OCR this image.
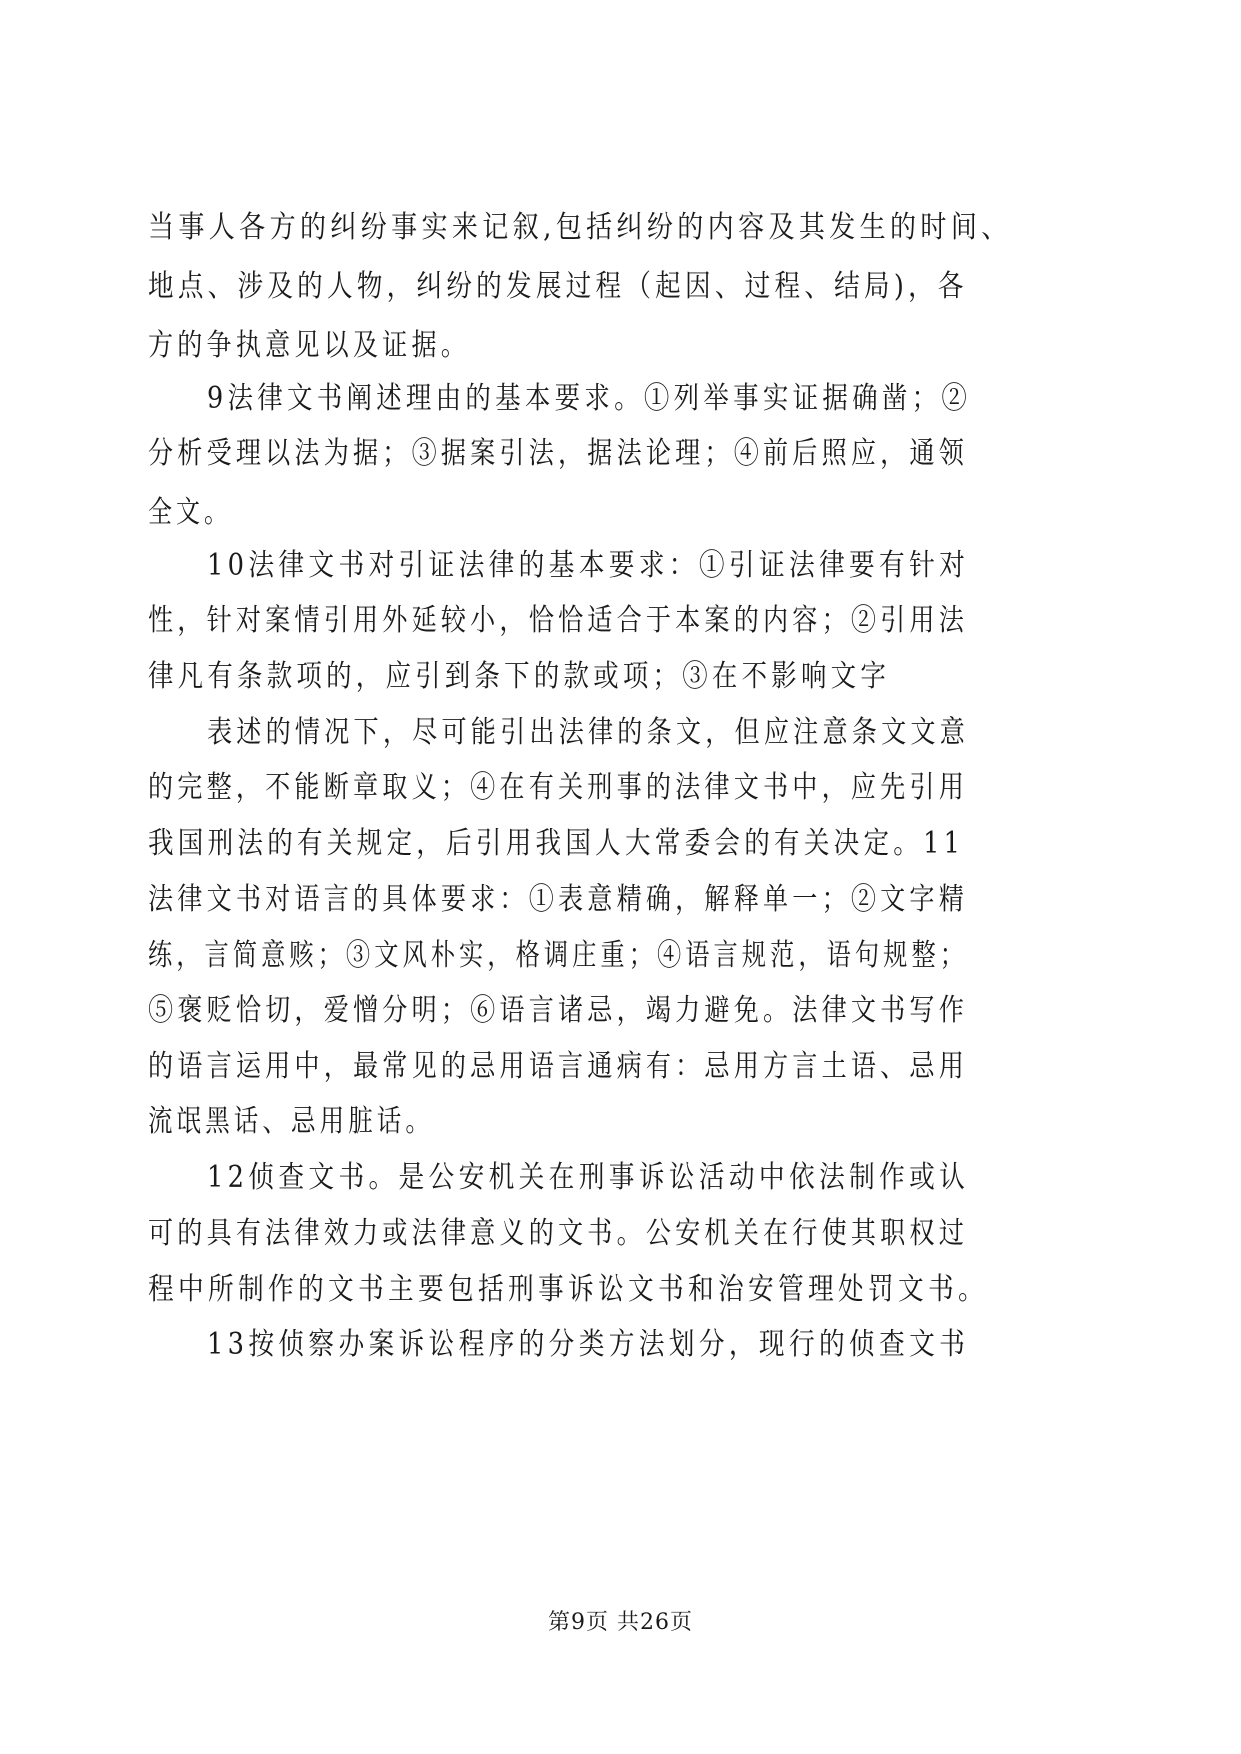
当事人各方的纠纷事实来记叙,包括纠纷的内容及其发生的时间、
地点、涉及的人物，纠纷的发展过程（起因、过程、结局)，各
方的争执意见以及证据。
9法律文书阐述理由的基本要求。①列举事实证据确凿；②
分析受理以法为据；③据案引法，据法论理；④前后照应，通领
全文。
10法律文书对引证法律的基本要求：①引证法律要有针对
性，针对案情引用外延较小，恰恰适合于本案的内容；②引用法
律凡有条款项的，应引到条下的款或项；③在不影响文字
表述的情况下，尽可能引出法律的条文，但应注意条文文意
的完整，不能断章取义；④在有关刑事的法律文书中，应先引用
我国刑法的有关规定，后引用我国人大常委会的有关决定。11
法律文书对语言的具体要求：①表意精确，解释单一；②文字精
练，言简意赅；③文风朴实，格调庄重；④语言规范，语句规整；
⑤褒贬恰切，爱憎分明；⑥语言诸忌，竭力避免。法律文书写作
的语言运用中，最常见的忌用语言通病有：忌用方言土语、忌用
流氓黑话、忌用脏话。
12侦查文书。是公安机关在刑事诉讼活动中依法制作或认
可的具有法律效力或法律意义的文书。公安机关在行使其职权过
程中所制作的文书主要包括刑事诉讼文书和治安管理处罚文书。
13按侦察办案诉讼程序的分类方法划分，现行的侦查文书
第9页 共26页
